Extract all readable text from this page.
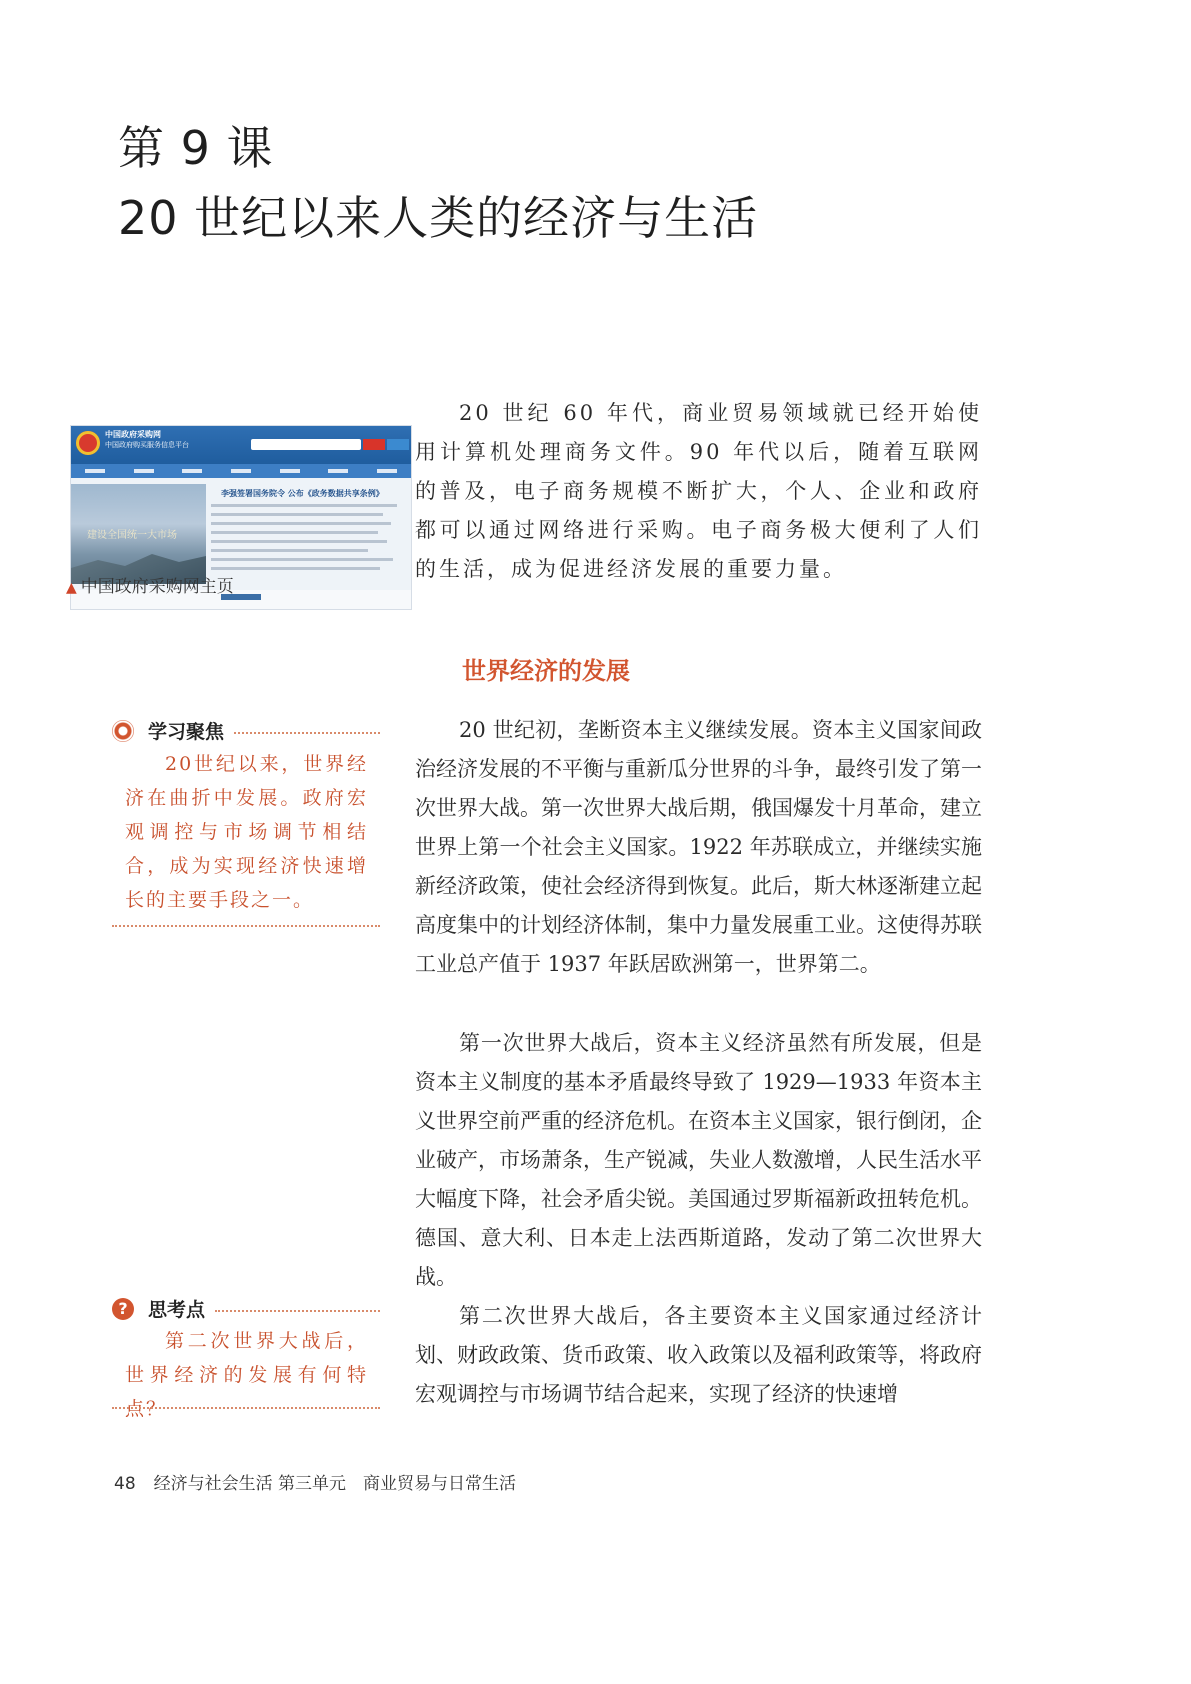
第 9 课
20 世纪以来人类的经济与生活
中国政府采购网
中国政府购买服务信息平台
建设全国统一大市场
李强签署国务院令 公布《政务数据共享条例》
▲ 中国政府采购网主页

20 世纪 60 年代，商业贸易领域就已经开始使用计算机处理商务文件。90 年代以后，随着互联网的普及，电子商务规模不断扩大，个人、企业和政府都可以通过网络进行采购。电子商务极大便利了人们的生活，成为促进经济发展的重要力量。

世界经济的发展

20 世纪初，垄断资本主义继续发展。资本主义国家间政治经济发展的不平衡与重新瓜分世界的斗争，最终引发了第一次世界大战。第一次世界大战后期，俄国爆发十月革命，建立世界上第一个社会主义国家。1922 年苏联成立，并继续实施新经济政策，使社会经济得到恢复。此后，斯大林逐渐建立起高度集中的计划经济体制，集中力量发展重工业。这使得苏联工业总产值于 1937 年跃居欧洲第一，世界第二。

第一次世界大战后，资本主义经济虽然有所发展，但是资本主义制度的基本矛盾最终导致了 1929—1933 年资本主义世界空前严重的经济危机。在资本主义国家，银行倒闭，企业破产，市场萧条，生产锐减，失业人数激增，人民生活水平大幅度下降，社会矛盾尖锐。美国通过罗斯福新政扭转危机。德国、意大利、日本走上法西斯道路，发动了第二次世界大战。

第二次世界大战后，各主要资本主义国家通过经济计划、财政政策、货币政策、收入政策以及福利政策等，将政府宏观调控与市场调节结合起来，实现了经济的快速增

学习聚焦

20世纪以来，世界经济在曲折中发展。政府宏观调控与市场调节相结合，成为实现经济快速增长的主要手段之一。

?	思考点

第二次世界大战后，世界经济的发展有何特点？

48 经济与社会生活 第三单元　商业贸易与日常生活
